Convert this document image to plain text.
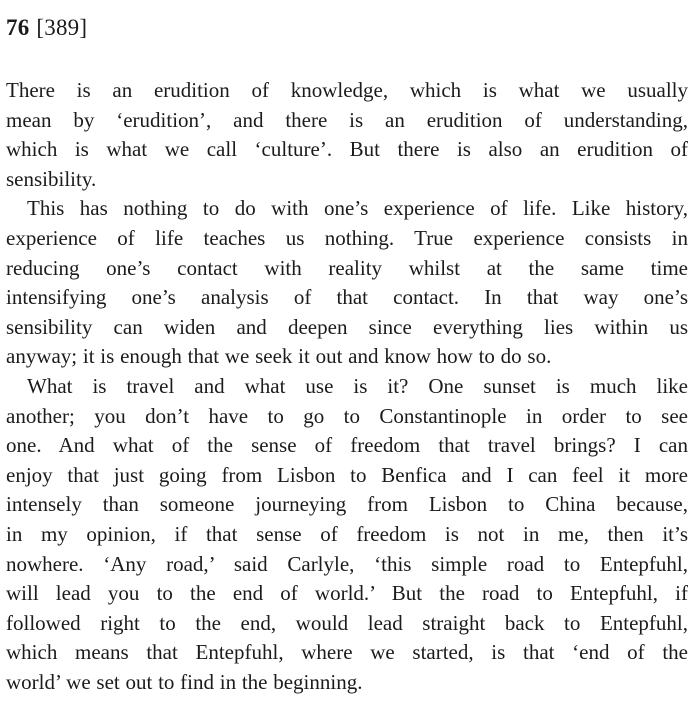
76 [389]
There is an erudition of knowledge, which is what we usually
mean by ‘erudition’, and there is an erudition of understanding,
which is what we call ‘culture’. But there is also an erudition of
sensibility.
This has nothing to do with one’s experience of life. Like history,
experience of life teaches us nothing. True experience consists in
reducing one’s contact with reality whilst at the same time
intensifying one’s analysis of that contact. In that way one’s
sensibility can widen and deepen since everything lies within us
anyway; it is enough that we seek it out and know how to do so.
What is travel and what use is it? One sunset is much like
another; you don’t have to go to Constantinople in order to see
one. And what of the sense of freedom that travel brings? I can
enjoy that just going from Lisbon to Benfica and I can feel it more
intensely than someone journeying from Lisbon to China because,
in my opinion, if that sense of freedom is not in me, then it’s
nowhere. ‘Any road,’ said Carlyle, ‘this simple road to Entepfuhl,
will lead you to the end of world.’ But the road to Entepfuhl, if
followed right to the end, would lead straight back to Entepfuhl,
which means that Entepfuhl, where we started, is that ‘end of the
world’ we set out to find in the beginning.
